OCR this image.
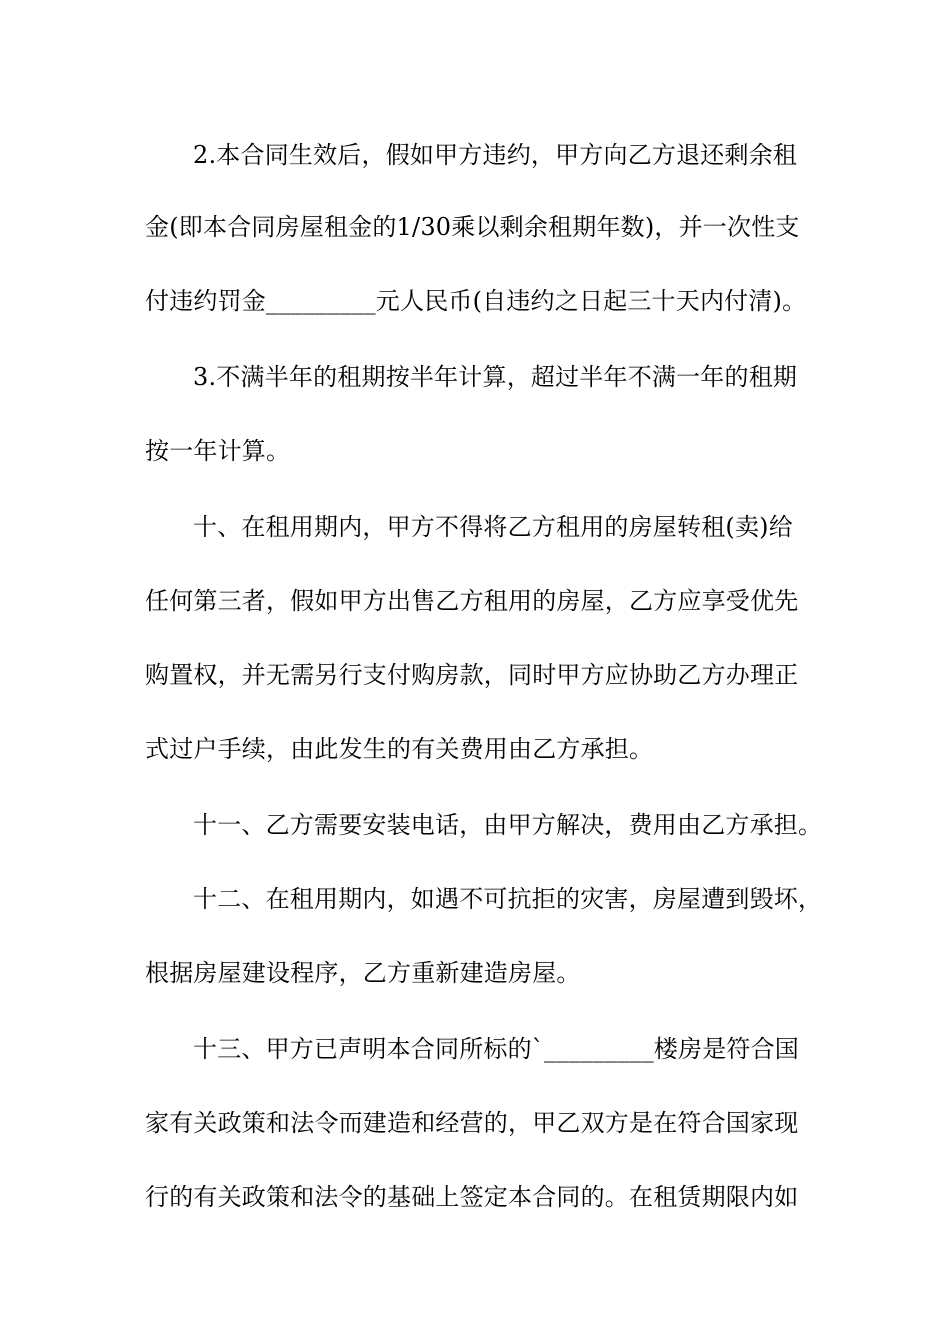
2.本合同生效后，假如甲方违约，甲方向乙方退还剩余租
金(即本合同房屋租金的1/30乘以剩余租期年数)，并一次性支
付违约罚金_________元人民币(自违约之日起三十天内付清)。
3.不满半年的租期按半年计算，超过半年不满一年的租期
按一年计算。
十、在租用期内，甲方不得将乙方租用的房屋转租(卖)给
任何第三者，假如甲方出售乙方租用的房屋，乙方应享受优先
购置权，并无需另行支付购房款，同时甲方应协助乙方办理正
式过户手续，由此发生的有关费用由乙方承担。
十一、乙方需要安装电话，由甲方解决，费用由乙方承担。
十二、在租用期内，如遇不可抗拒的灾害，房屋遭到毁坏，
根据房屋建设程序，乙方重新建造房屋。
十三、甲方已声明本合同所标的`_________楼房是符合国
家有关政策和法令而建造和经营的，甲乙双方是在符合国家现
行的有关政策和法令的基础上签定本合同的。在租赁期限内如
